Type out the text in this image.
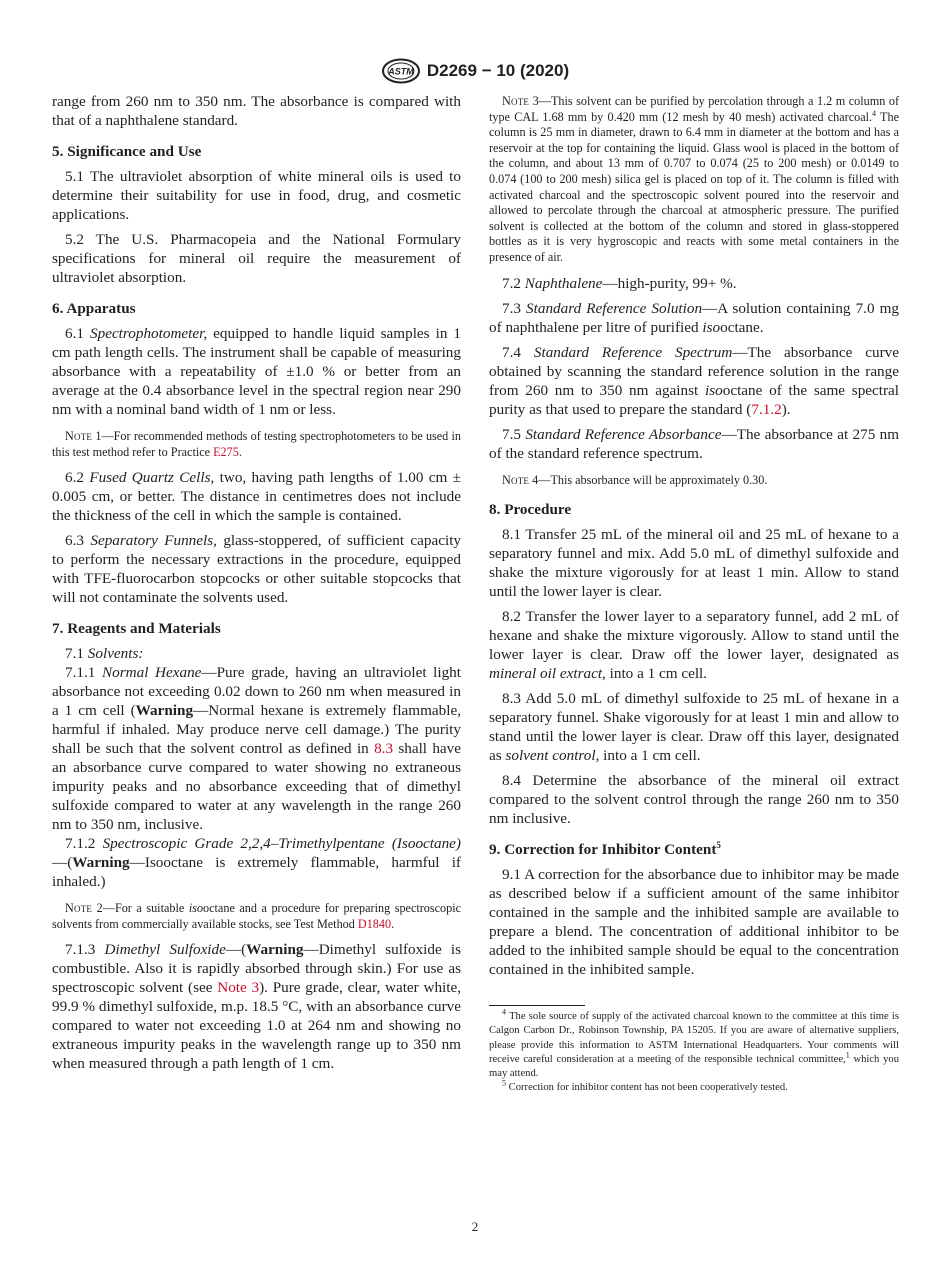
ASTM D2269 − 10 (2020)

range from 260 nm to 350 nm. The absorbance is compared with that of a naphthalene standard.

5. Significance and Use

5.1 The ultraviolet absorption of white mineral oils is used to determine their suitability for use in food, drug, and cosmetic applications.

5.2 The U.S. Pharmacopeia and the National Formulary specifications for mineral oil require the measurement of ultraviolet absorption.

6. Apparatus

6.1 Spectrophotometer, equipped to handle liquid samples in 1 cm path length cells. The instrument shall be capable of measuring absorbance with a repeatability of ±1.0 % or better from an average at the 0.4 absorbance level in the spectral region near 290 nm with a nominal band width of 1 nm or less.

Note 1—For recommended methods of testing spectrophotometers to be used in this test method refer to Practice E275.

6.2 Fused Quartz Cells, two, having path lengths of 1.00 cm ± 0.005 cm, or better. The distance in centimetres does not include the thickness of the cell in which the sample is contained.

6.3 Separatory Funnels, glass-stoppered, of sufficient capacity to perform the necessary extractions in the procedure, equipped with TFE-fluorocarbon stopcocks or other suitable stopcocks that will not contaminate the solvents used.

7. Reagents and Materials

7.1 Solvents:

7.1.1 Normal Hexane—Pure grade, having an ultraviolet light absorbance not exceeding 0.02 down to 260 nm when measured in a 1 cm cell (Warning—Normal hexane is extremely flammable, harmful if inhaled. May produce nerve cell damage.) The purity shall be such that the solvent control as defined in 8.3 shall have an absorbance curve compared to water showing no extraneous impurity peaks and no absorbance exceeding that of dimethyl sulfoxide compared to water at any wavelength in the range 260 nm to 350 nm, inclusive.

7.1.2 Spectroscopic Grade 2,2,4–Trimethylpentane (Isooctane)—(Warning—Isooctane is extremely flammable, harmful if inhaled.)

Note 2—For a suitable isooctane and a procedure for preparing spectroscopic solvents from commercially available stocks, see Test Method D1840.

7.1.3 Dimethyl Sulfoxide—(Warning—Dimethyl sulfoxide is combustible. Also it is rapidly absorbed through skin.) For use as spectroscopic solvent (see Note 3). Pure grade, clear, water white, 99.9 % dimethyl sulfoxide, m.p. 18.5 °C, with an absorbance curve compared to water not exceeding 1.0 at 264 nm and showing no extraneous impurity peaks in the wavelength range up to 350 nm when measured through a path length of 1 cm.

Note 3—This solvent can be purified by percolation through a 1.2 m column of type CAL 1.68 mm by 0.420 mm (12 mesh by 40 mesh) activated charcoal.$^4$ The column is 25 mm in diameter, drawn to 6.4 mm in diameter at the bottom and has a reservoir at the top for containing the liquid. Glass wool is placed in the bottom of the column, and about 13 mm of 0.707 to 0.074 (25 to 200 mesh) or 0.0149 to 0.074 (100 to 200 mesh) silica gel is placed on top of it. The column is filled with activated charcoal and the spectroscopic solvent poured into the reservoir and allowed to percolate through the charcoal at atmospheric pressure. The purified solvent is collected at the bottom of the column and stored in glass-stoppered bottles as it is very hygroscopic and reacts with some metal containers in the presence of air.

7.2 Naphthalene—high-purity, 99+ %.

7.3 Standard Reference Solution—A solution containing 7.0 mg of naphthalene per litre of purified isooctane.

7.4 Standard Reference Spectrum—The absorbance curve obtained by scanning the standard reference solution in the range from 260 nm to 350 nm against isooctane of the same spectral purity as that used to prepare the standard (7.1.2).

7.5 Standard Reference Absorbance—The absorbance at 275 nm of the standard reference spectrum.

Note 4—This absorbance will be approximately 0.30.

8. Procedure

8.1 Transfer 25 mL of the mineral oil and 25 mL of hexane to a separatory funnel and mix. Add 5.0 mL of dimethyl sulfoxide and shake the mixture vigorously for at least 1 min. Allow to stand until the lower layer is clear.

8.2 Transfer the lower layer to a separatory funnel, add 2 mL of hexane and shake the mixture vigorously. Allow to stand until the lower layer is clear. Draw off the lower layer, designated as mineral oil extract, into a 1 cm cell.

8.3 Add 5.0 mL of dimethyl sulfoxide to 25 mL of hexane in a separatory funnel. Shake vigorously for at least 1 min and allow to stand until the lower layer is clear. Draw off this layer, designated as solvent control, into a 1 cm cell.

8.4 Determine the absorbance of the mineral oil extract compared to the solvent control through the range 260 nm to 350 nm inclusive.

9. Correction for Inhibitor Content$^5$

9.1 A correction for the absorbance due to inhibitor may be made as described below if a sufficient amount of the same inhibitor contained in the sample and the inhibited sample are available to prepare a blend. The concentration of additional inhibitor to be added to the inhibited sample should be equal to the concentration contained in the inhibited sample.

$^4$ The sole source of supply of the activated charcoal known to the committee at this time is Calgon Carbon Dr., Robinson Township, PA 15205. If you are aware of alternative suppliers, please provide this information to ASTM International Headquarters. Your comments will receive careful consideration at a meeting of the responsible technical committee,$^1$ which you may attend.

$^5$ Correction for inhibitor content has not been cooperatively tested.

2
